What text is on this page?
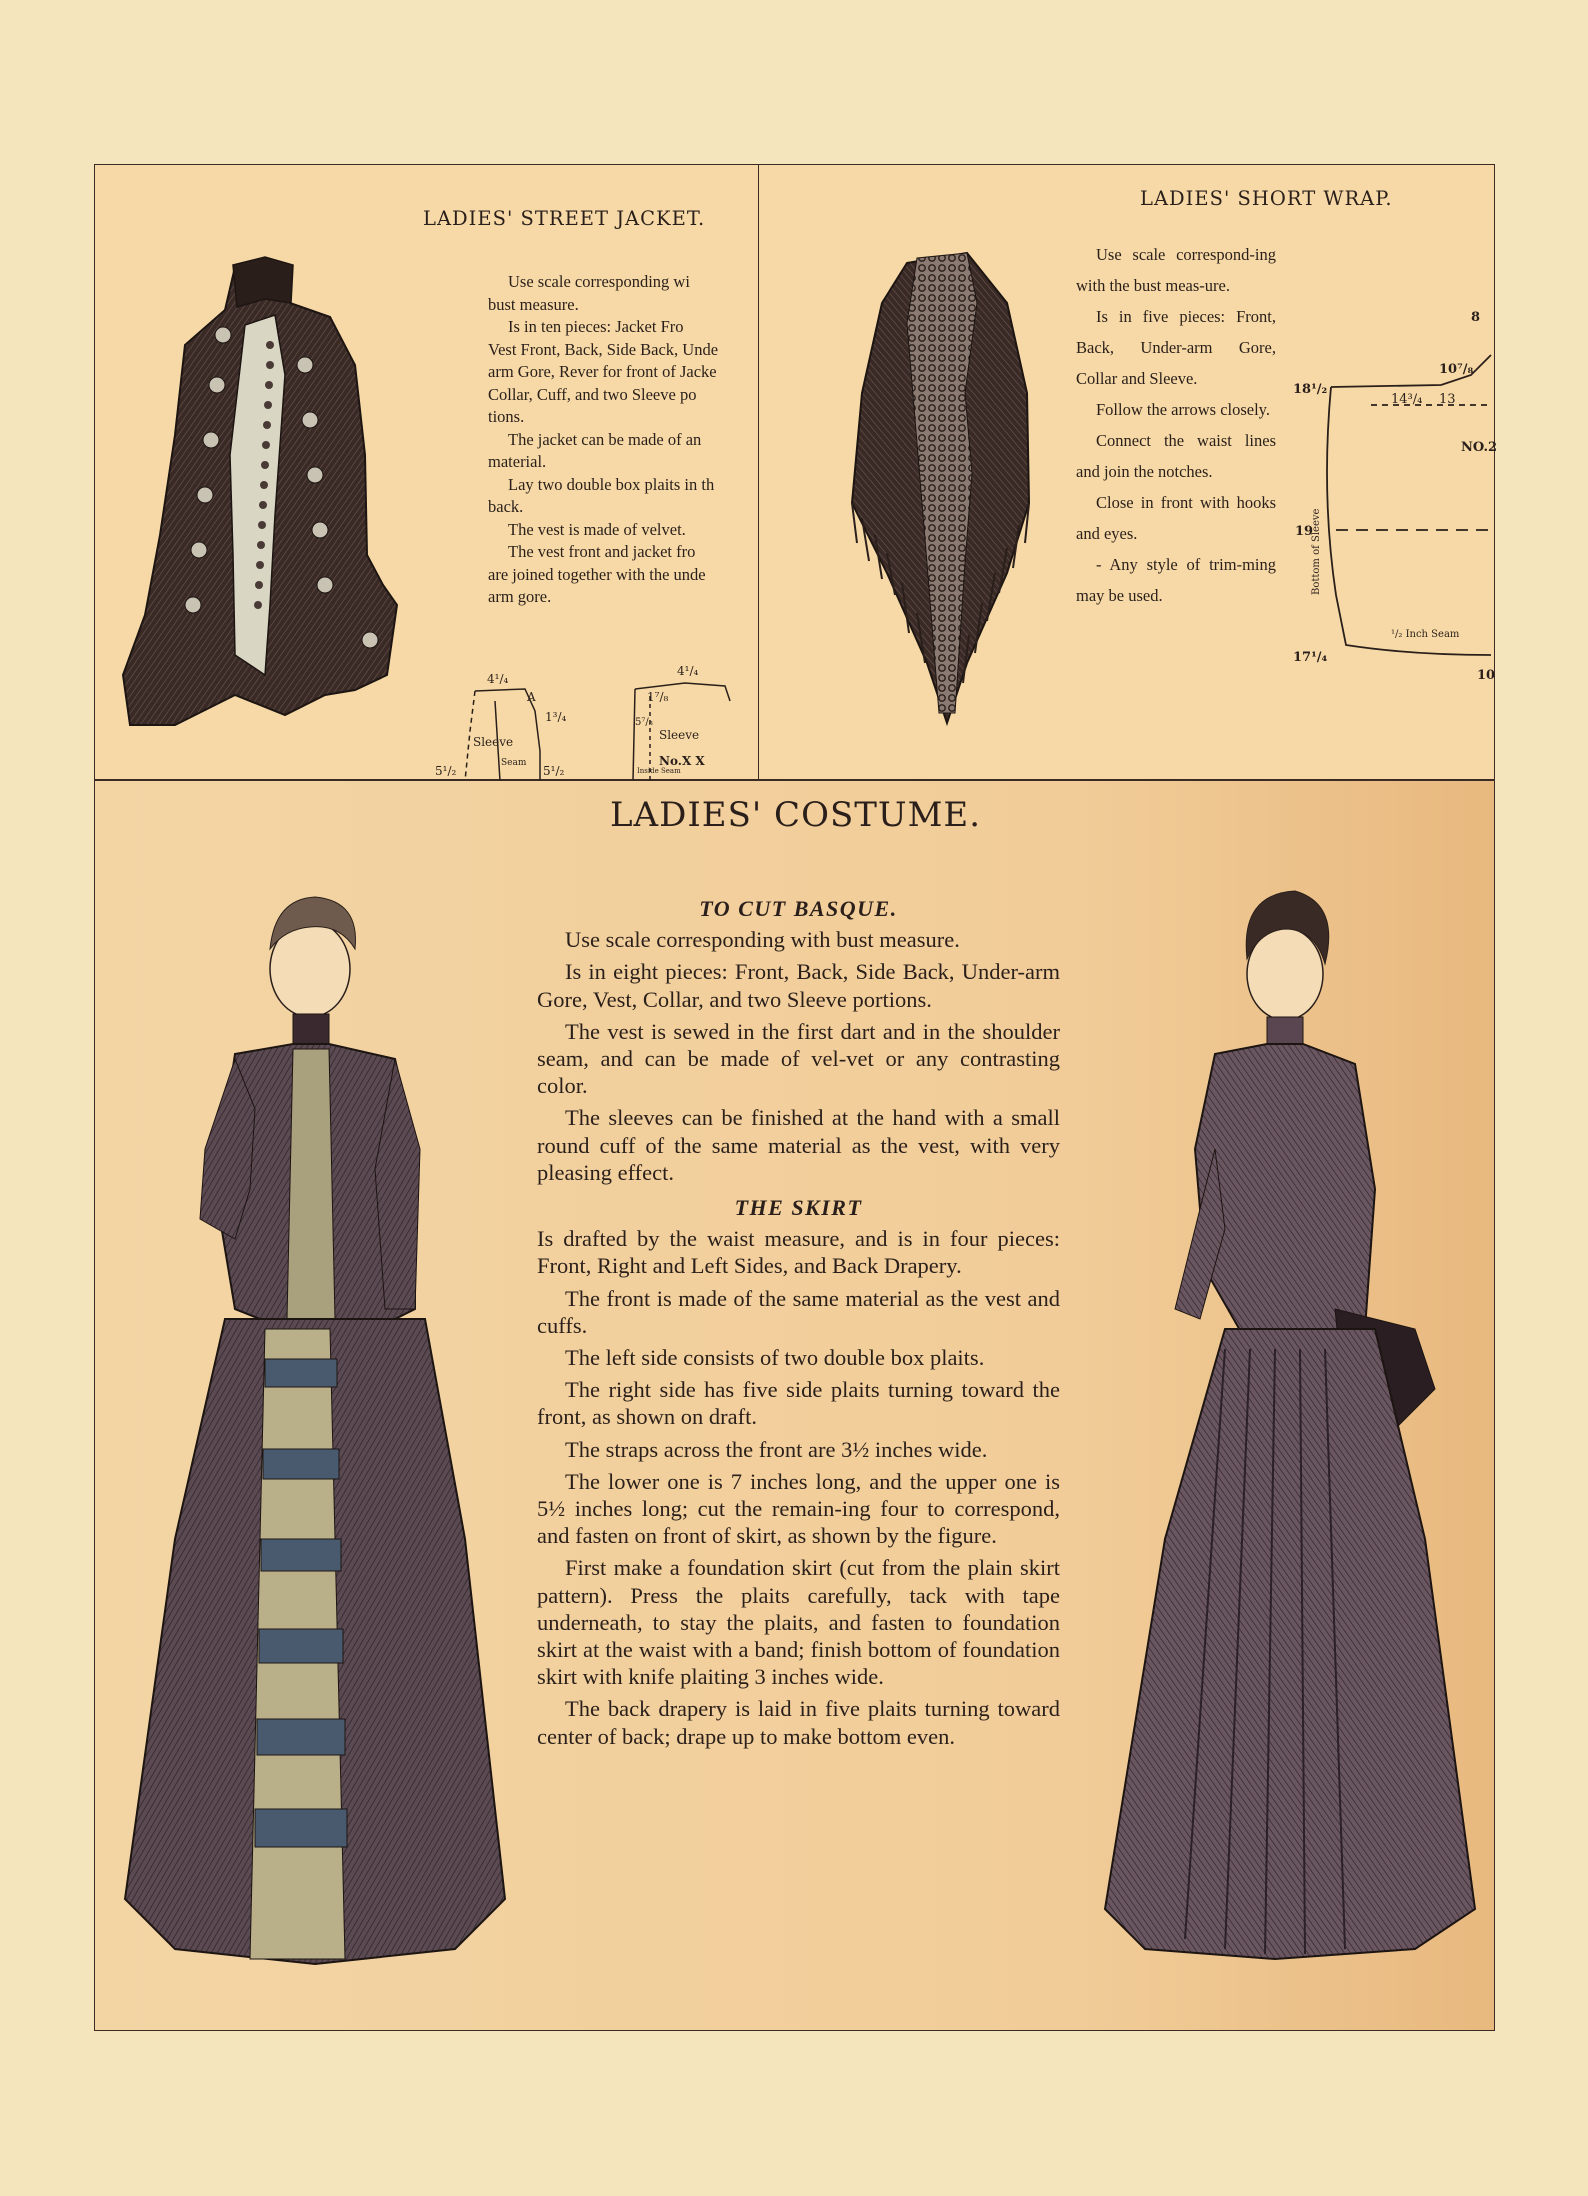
LADIES' STREET JACKET.
Use scale corresponding wi
bust measure.
Is in ten pieces: Jacket Fro
Vest Front, Back, Side Back, Unde
arm Gore, Rever for front of Jacke
Collar, Cuff, and two Sleeve po
tions.
The jacket can be made of an
material.
Lay two double box plaits in th
back.
The vest is made of velvet.
The vest front and jacket fro
are joined together with the unde
arm gore.
4¹/₄
A
1³/₄
Sleeve
5¹/₂
Seam
5¹/₂
4¹/₄
1⁷/₈
5⁷/₈
Sleeve
No.X X
Inside Seam
LADIES' SHORT WRAP.

Use scale correspond-ing with the bust meas-ure.

Is in five pieces: Front, Back, Under-arm Gore, Collar and Sleeve.

Follow the arrows closely.

Connect the waist lines and join the notches.

Close in front with hooks and eyes.

- Any style of trim-ming may be used.

18¹/₂
10⁷/₈
14³/₄ 13
NO.2
8
19
Bottom of Sleeve
¹/₂ Inch Seam
17¹/₄
10
LADIES' COSTUME.
TO CUT BASQUE.

Use scale corresponding with bust measure.

Is in eight pieces: Front, Back, Side Back, Under-arm Gore, Vest, Collar, and two Sleeve portions.

The vest is sewed in the first dart and in the shoulder seam, and can be made of vel-vet or any contrasting color.

The sleeves can be finished at the hand with a small round cuff of the same material as the vest, with very pleasing effect.

THE SKIRT

Is drafted by the waist measure, and is in four pieces: Front, Right and Left Sides, and Back Drapery.

The front is made of the same material as the vest and cuffs.

The left side consists of two double box plaits.

The right side has five side plaits turning toward the front, as shown on draft.

The straps across the front are 3½ inches wide.

The lower one is 7 inches long, and the upper one is 5½ inches long; cut the remain-ing four to correspond, and fasten on front of skirt, as shown by the figure.

First make a foundation skirt (cut from the plain skirt pattern). Press the plaits carefully, tack with tape underneath, to stay the plaits, and fasten to foundation skirt at the waist with a band; finish bottom of foundation skirt with knife plaiting 3 inches wide.

The back drapery is laid in five plaits turning toward center of back; drape up to make bottom even.
